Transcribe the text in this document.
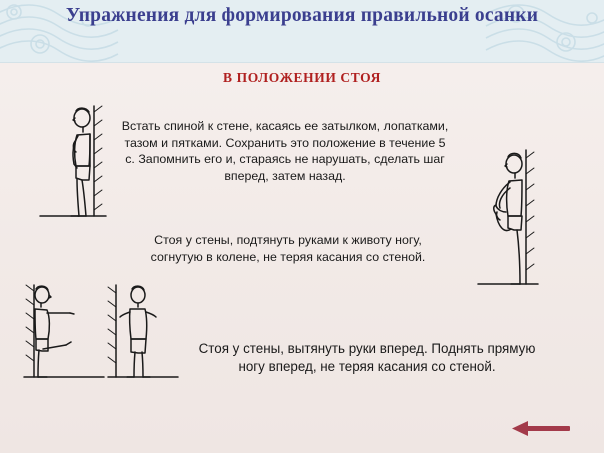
Упражнения для формирования правильной осанки
В ПОЛОЖЕНИИ СТОЯ
Встать спиной к стене, касаясь ее затылком, лопатками, тазом и пятками. Сохранить это положение в течение 5 с. Запомнить его и, стараясь не нарушать, сделать шаг вперед, затем назад.
Стоя у стены, подтянуть руками к животу ногу, согнутую в колене, не теряя касания со стеной.
Стоя у стены, вытянуть руки вперед. Поднять прямую ногу вперед, не теряя касания со стеной.
